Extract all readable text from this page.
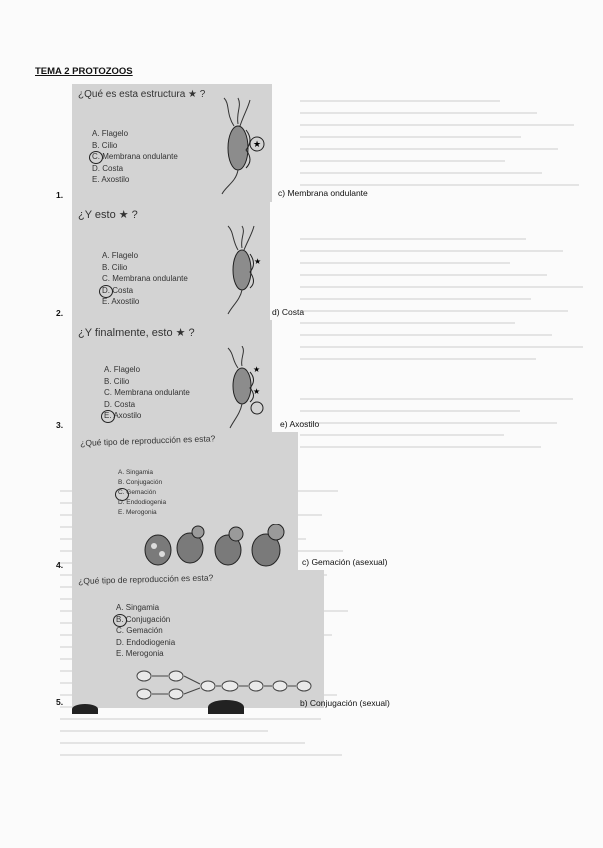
TEMA 2 PROTOZOOS
¿Qué es esta estructura ★ ?
A. Flagelo
B. Cilio
C. Membrana ondulante
D. Costa
E. Axostilo
★
1.	c) Membrana ondulante
¿Y esto ★ ?
A. Flagelo
B. Cilio
C. Membrana ondulante
D. Costa
E. Axostilo
★
2.	d) Costa
¿Y finalmente, esto ★ ?
A. Flagelo
B. Cilio
C. Membrana ondulante
D. Costa
E. Axostilo
★
★
3.	e) Axostilo
¿Qué tipo de reproducción es esta?
A. Singamia
B. Conjugación
C. Gemación
D. Endodiogenia
E. Merogonia
4.	c) Gemación (asexual)
¿Qué tipo de reproducción es esta?
A. Singamia
B. Conjugación
C. Gemación
D. Endodiogenia
E. Merogonia
5.	b) Conjugación (sexual)
